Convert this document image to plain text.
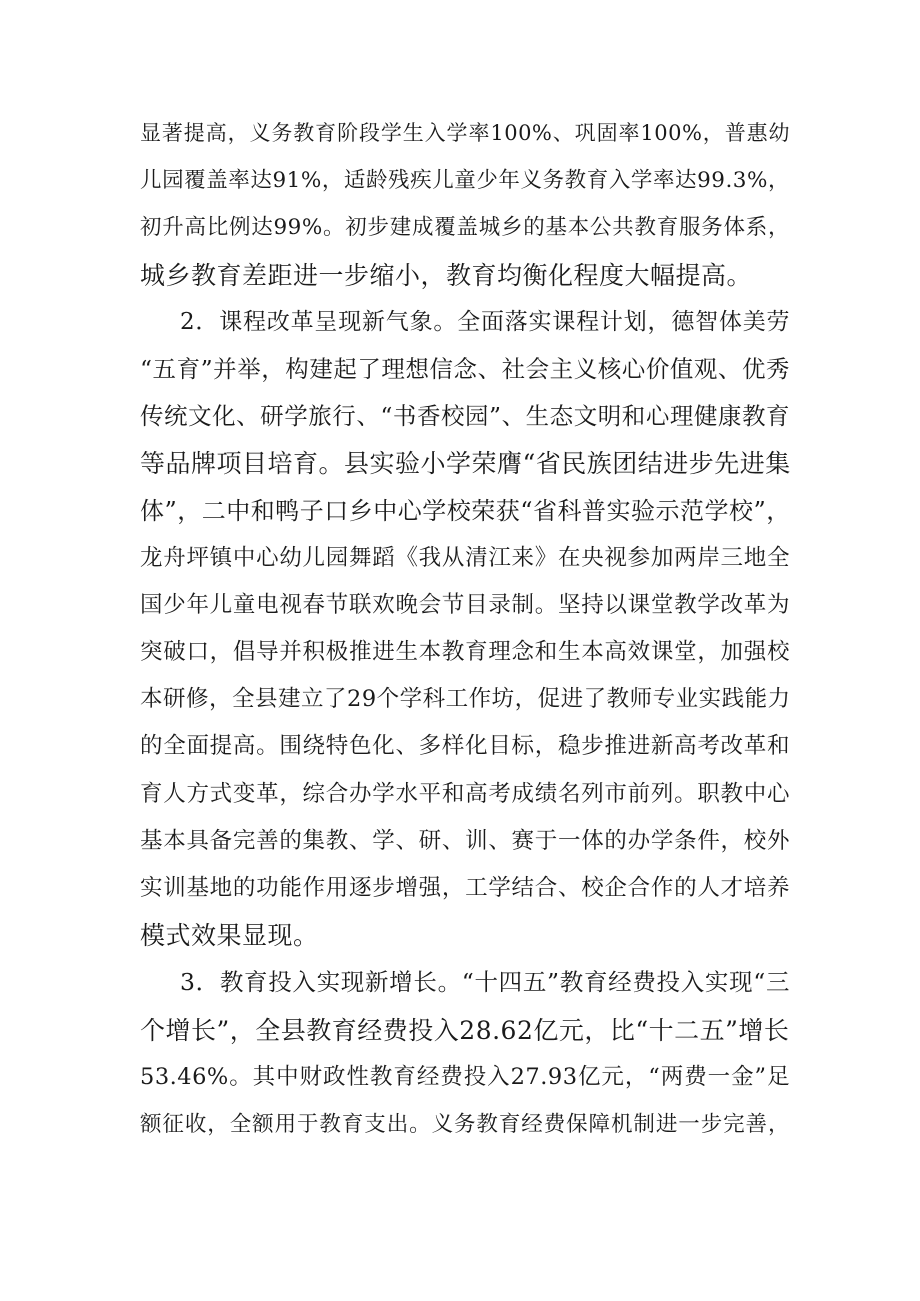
显著提高，义务教育阶段学生入学率100%、巩固率100%，普惠幼
儿园覆盖率达91%，适龄残疾儿童少年义务教育入学率达99.3%，
初升高比例达99%。初步建成覆盖城乡的基本公共教育服务体系，
城乡教育差距进一步缩小，教育均衡化程度大幅提高。
2．课程改革呈现新气象。全面落实课程计划，德智体美劳
“五育”并举，构建起了理想信念、社会主义核心价值观、优秀
传统文化、研学旅行、“书香校园”、生态文明和心理健康教育
等品牌项目培育。县实验小学荣膺“省民族团结进步先进集
体”，二中和鸭子口乡中心学校荣获“省科普实验示范学校”，
龙舟坪镇中心幼儿园舞蹈《我从清江来》在央视参加两岸三地全
国少年儿童电视春节联欢晚会节目录制。坚持以课堂教学改革为
突破口，倡导并积极推进生本教育理念和生本高效课堂，加强校
本研修，全县建立了29个学科工作坊，促进了教师专业实践能力
的全面提高。围绕特色化、多样化目标，稳步推进新高考改革和
育人方式变革，综合办学水平和高考成绩名列市前列。职教中心
基本具备完善的集教、学、研、训、赛于一体的办学条件，校外
实训基地的功能作用逐步增强，工学结合、校企合作的人才培养
模式效果显现。
3．教育投入实现新增长。“十四五”教育经费投入实现“三
个增长”，全县教育经费投入28.62亿元，比“十二五”增长
53.46%。其中财政性教育经费投入27.93亿元，“两费一金”足
额征收，全额用于教育支出。义务教育经费保障机制进一步完善，
